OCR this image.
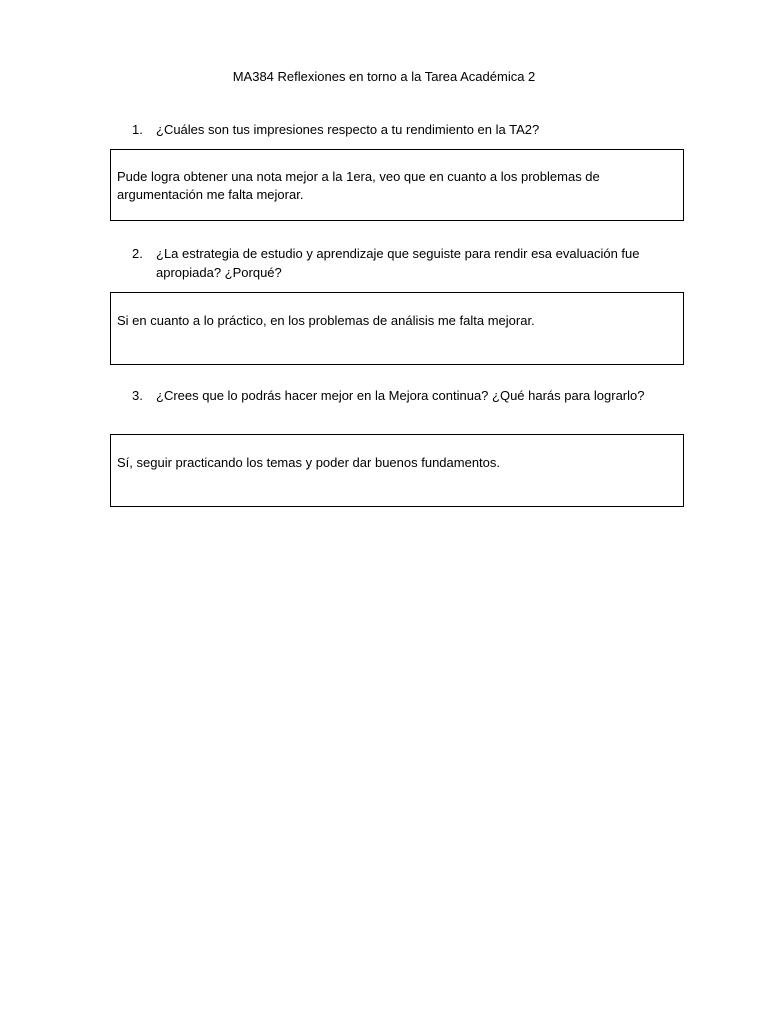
MA384 Reflexiones en torno a la Tarea Académica 2
1. ¿Cuáles son tus impresiones respecto a tu rendimiento en la TA2?
Pude logra obtener una nota mejor a la 1era, veo que en cuanto a los problemas de argumentación me falta mejorar.
2. ¿La estrategia de estudio y aprendizaje que seguiste para rendir esa evaluación fue apropiada? ¿Porqué?
Si en cuanto a lo práctico, en los problemas de análisis me falta mejorar.
3. ¿Crees que lo podrás hacer mejor en la Mejora continua? ¿Qué harás para lograrlo?
Sí, seguir practicando los temas y poder dar buenos fundamentos.
